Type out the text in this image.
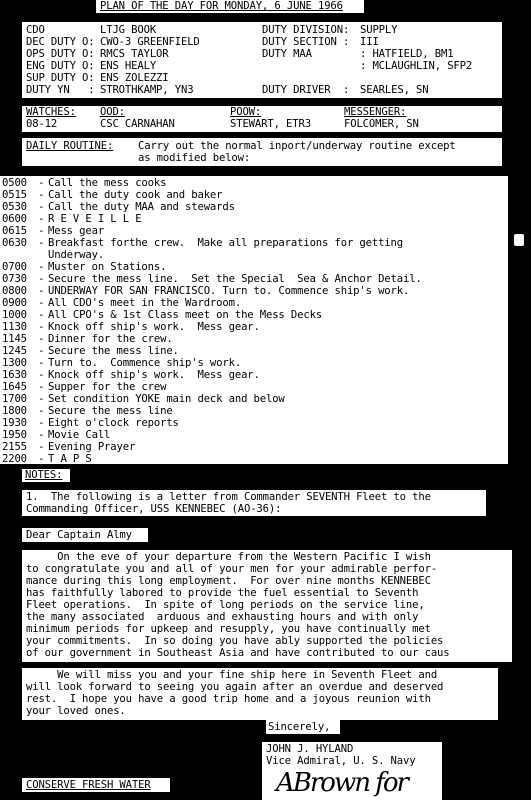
PLAN OF THE DAY FOR MONDAY, 6 JUNE 1966
CDO	LTJG BOOK	DUTY DIVISION: SUPPLY
DEC DUTY O: CWO-3 GREENFIELD	DUTY SECTION : III
OPS DUTY O: RMCS TAYLOR	DUTY MAA	: HATFIELD, BM1
ENG DUTY O: ENS HEALY	: MCLAUGHLIN, SFP2
SUP DUTY O: ENS ZOLEZZI
DUTY YN   : STROTHKAMP, YN3	DUTY DRIVER  : SEARLES, SN
WATCHES: OOD:	POOW:	MESSENGER:
08-12	CSC CARNAHAN	STEWART, ETR3	FOLCOMER, SN
DAILY ROUTINE: Carry out the normal inport/underway routine except
as modified below:
0500 - Call the mess cooks
0515 - Call the duty cook and baker
0530 - Call the duty MAA and stewards
0600 - R E V E I L L E
0615 - Mess gear
0630 - Breakfast forthe crew.  Make all preparations for getting
Underway.
0700 - Muster on Stations.
0730 - Secure the mess line.  Set the Special  Sea & Anchor Detail.
0800 - UNDERWAY FOR SAN FRANCISCO. Turn to. Commence ship's work.
0900 - All CDO's meet in the Wardroom.
1000 - All CPO's & 1st Class meet on the Mess Decks
1130 - Knock off ship's work.  Mess gear.
1145 - Dinner for the crew.
1245 - Secure the mess line.
1300 - Turn to.  Commence ship's work.
1630 - Knock off ship's work.  Mess gear.
1645 - Supper for the crew
1700 - Set condition YOKE main deck and below
1800 - Secure the mess line
1930 - Eight o'clock reports
1950 - Movie Call
2155 - Evening Prayer
2200 - T A P S
NOTES:
1.  The following is a letter from Commander SEVENTH Fleet to the
Commanding Officer, USS KENNEBEC (AO-36):
Dear Captain Almy
On the eve of your departure from the Western Pacific I wish
to congratulate you and all of your men for your admirable perfor-
mance during this long employment.  For over nine months KENNEBEC
has faithfully labored to provide the fuel essential to Seventh
Fleet operations.  In spite of long periods on the service line,
the many associated  arduous and exhausting hours and with only
minimum periods for upkeep and resupply, you have continually met
your commitments.  In so doing you have ably supported the policies
of our government in Southeast Asia and have contributed to our caus
We will miss you and your fine ship here in Seventh Fleet and
will look forward to seeing you again after an overdue and deserved
rest.  I hope you have a good trip home and a joyous reunion with
your loved ones.
Sincerely,
JOHN J. HYLAND
Vice Admiral, U. S. Navy
ABrown for
CONSERVE FRESH WATER
